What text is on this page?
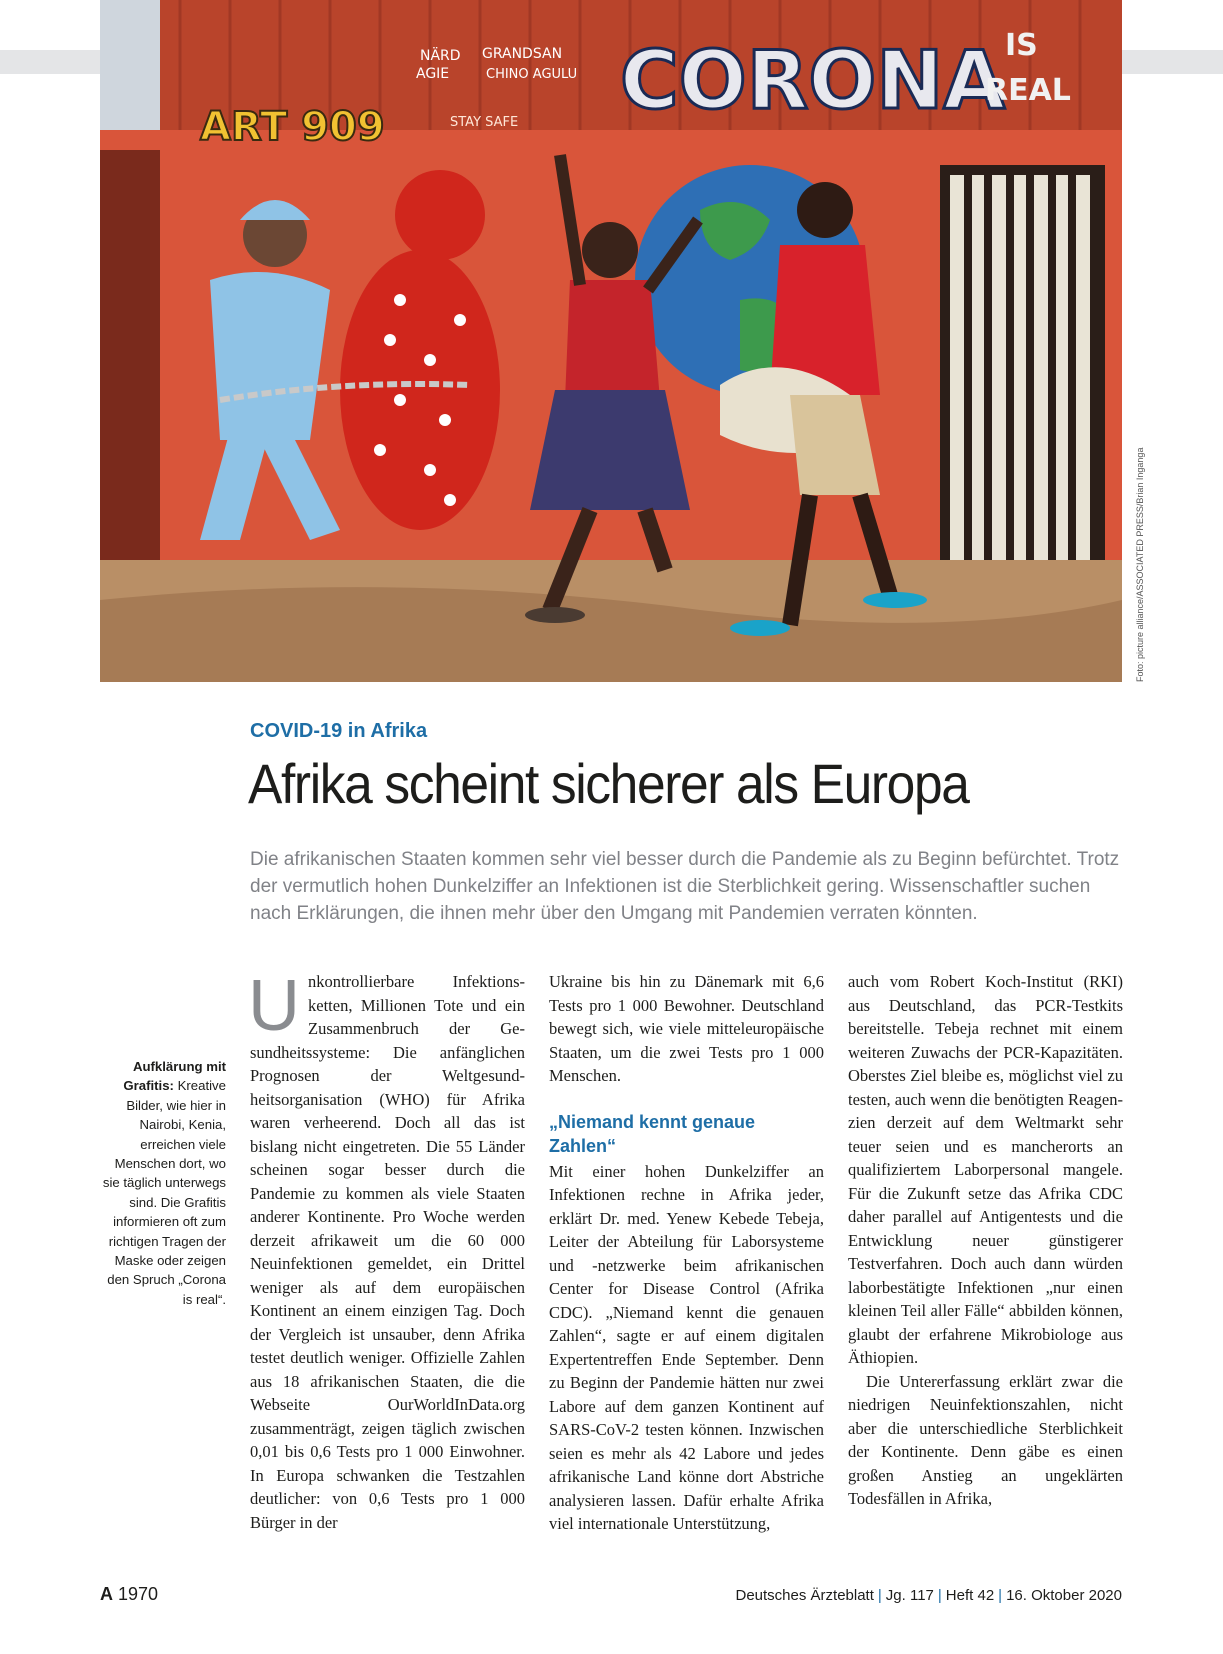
CORONA IS
REAL
ART 909
NÄRD
AGIE
GRANDSAN
CHINO AGULU
STAY SAFE
Foto: picture alliance/ASSOCIATED PRESS/Brian Inganga
COVID-19 in Afrika
Afrika scheint sicherer als Europa
Die afrikanischen Staaten kommen sehr viel besser durch die Pandemie als zu Beginn befürchtet. Trotz der vermutlich hohen Dunkelziffer an Infektionen ist die Sterblichkeit gering. Wissenschaftler suchen nach Erklärungen, die ihnen mehr über den Umgang mit Pandemien verraten könnten.
Aufklärung mit Grafitis: Kreative Bilder, wie hier in Nairobi, Kenia, erreichen viele Menschen dort, wo sie täglich unterwegs sind. Die Grafitis informieren oft zum richtigen Tragen der Maske oder zeigen den Spruch „Corona is real“.
U nkontrollierbare Infektionsketten, Millionen Tote und ein Zusammenbruch der Gesundheitssysteme: Die anfänglichen Prognosen der Weltgesundheitsorganisation (WHO) für Afrika waren verheerend. Doch all das ist bislang nicht eingetreten. Die 55 Länder scheinen sogar besser durch die Pandemie zu kommen als viele Staaten anderer Kontinente. Pro Woche werden derzeit afrikaweit um die 60 000 Neuinfektionen gemeldet, ein Drittel weniger als auf dem europäischen Kontinent an einem einzigen Tag. Doch der Vergleich ist unsauber, denn Afrika testet deutlich weniger. Offizielle Zahlen aus 18 afrikanischen Staaten, die die Webseite OurWorldInData.org zusammenträgt, zeigen täglich zwischen 0,01 bis 0,6 Tests pro 1 000 Einwohner. In Europa schwanken die Testzahlen deutlicher: von 0,6 Tests pro 1 000 Bürger in der

Ukraine bis hin zu Dänemark mit 6,6 Tests pro 1 000 Bewohner. Deutschland bewegt sich, wie viele mitteleuropäische Staaten, um die zwei Tests pro 1 000 Menschen.

„Niemand kennt genaue Zahlen“

Mit einer hohen Dunkelziffer an Infektionen rechne in Afrika jeder, erklärt Dr. med. Yenew Kebede Tebeja, Leiter der Abteilung für Laborsysteme und -netzwerke beim afrikanischen Center for Disease Control (Afrika CDC). „Niemand kennt die genauen Zahlen“, sagte er auf einem digitalen Expertentreffen Ende September. Denn zu Beginn der Pandemie hätten nur zwei Labore auf dem ganzen Kontinent auf SARS-CoV-2 testen können. Inzwischen seien es mehr als 42 Labore und jedes afrikanische Land könne dort Abstriche analysieren lassen. Dafür erhalte Afrika viel internationale Unterstützung,

auch vom Robert Koch-Institut (RKI) aus Deutschland, das PCR-Testkits bereitstelle. Tebeja rechnet mit einem weiteren Zuwachs der PCR-Kapazitäten. Oberstes Ziel bleibe es, möglichst viel zu testen, auch wenn die benötigten Reagenzien derzeit auf dem Weltmarkt sehr teuer seien und es mancherorts an qualifiziertem Laborpersonal mangele. Für die Zukunft setze das Afrika CDC daher parallel auf Antigentests und die Entwicklung neuer günstigerer Testverfahren. Doch auch dann würden laborbestätigte Infektionen „nur einen kleinen Teil aller Fälle“ abbilden können, glaubt der erfahrene Mikrobiologe aus Äthiopien.

Die Untererfassung erklärt zwar die niedrigen Neuinfektionszahlen, nicht aber die unterschiedliche Sterblichkeit der Kontinente. Denn gäbe es einen großen Anstieg an ungeklärten Todesfällen in Afrika,

A 1970	Deutsches Ärzteblatt | Jg. 117 | Heft 42 | 16. Oktober 2020
